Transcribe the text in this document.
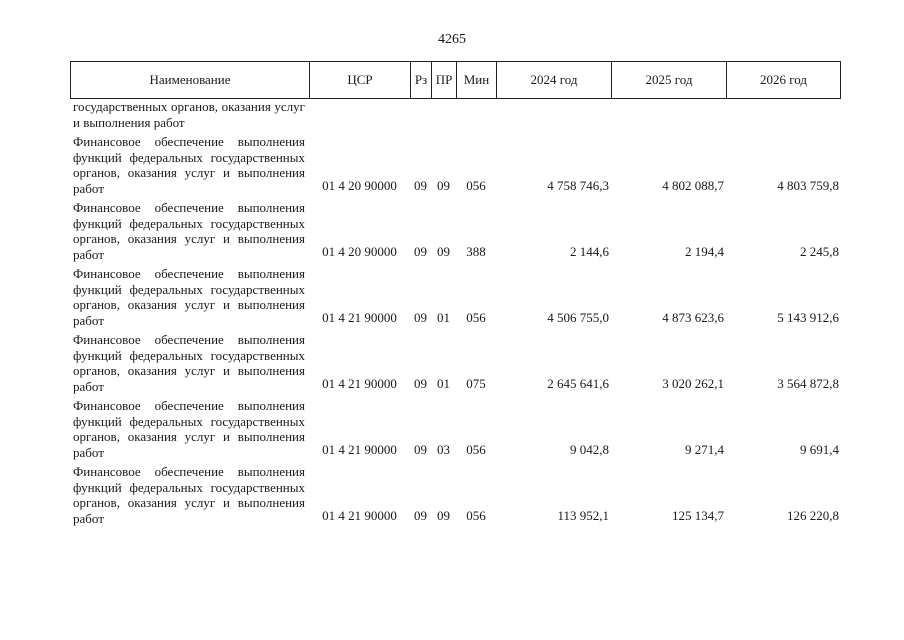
4265
Наименование	ЦСР	Рз ПР Мин	2024 год	2025 год	2026 год
государственных органов, оказания услуг и выполнения работ
Финансовое обеспечение выполнения функций федеральных государственных органов, оказания услуг и выполнения работ	01 4 20 90000	09 09	056	4 758 746,3	4 802 088,7	4 803 759,8
Финансовое обеспечение выполнения функций федеральных государственных органов, оказания услуг и выполнения работ	01 4 20 90000	09 09	388	2 144,6	2 194,4	2 245,8
Финансовое обеспечение выполнения функций федеральных государственных органов, оказания услуг и выполнения работ	01 4 21 90000	09 01	056	4 506 755,0	4 873 623,6	5 143 912,6
Финансовое обеспечение выполнения функций федеральных государственных органов, оказания услуг и выполнения работ	01 4 21 90000	09 01	075	2 645 641,6	3 020 262,1	3 564 872,8
Финансовое обеспечение выполнения функций федеральных государственных органов, оказания услуг и выполнения работ	01 4 21 90000	09 03	056	9 042,8	9 271,4	9 691,4
Финансовое обеспечение выполнения функций федеральных государственных органов, оказания услуг и выполнения работ	01 4 21 90000	09 09	056	113 952,1	125 134,7	126 220,8
